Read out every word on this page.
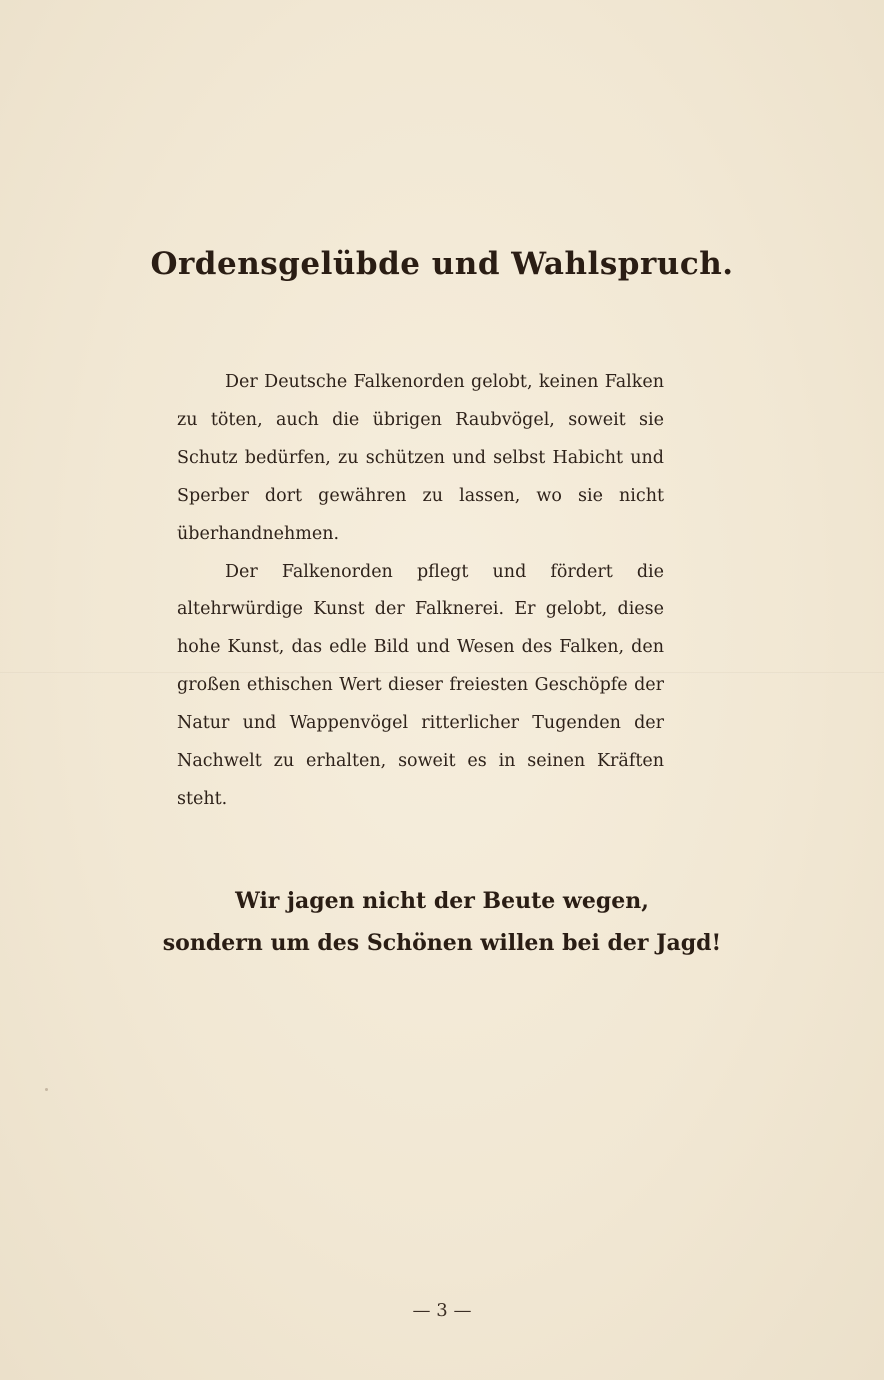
Ordensgelübde und Wahlspruch.

Der Deutsche Falkenorden gelobt, keinen Falken zu töten, auch die übrigen Raubvögel, soweit sie Schutz bedürfen, zu schützen und selbst Habicht und Sperber dort gewähren zu lassen, wo sie nicht überhandnehmen.

Der Falkenorden pflegt und fördert die altehrwürdige Kunst der Falknerei. Er gelobt, diese hohe Kunst, das edle Bild und Wesen des Falken, den großen ethischen Wert dieser freiesten Geschöpfe der Natur und Wappenvögel ritterlicher Tugenden der Nachwelt zu erhalten, soweit es in seinen Kräften steht.

Wir jagen nicht der Beute wegen,
sondern um des Schönen willen bei der Jagd!
— 3 —
